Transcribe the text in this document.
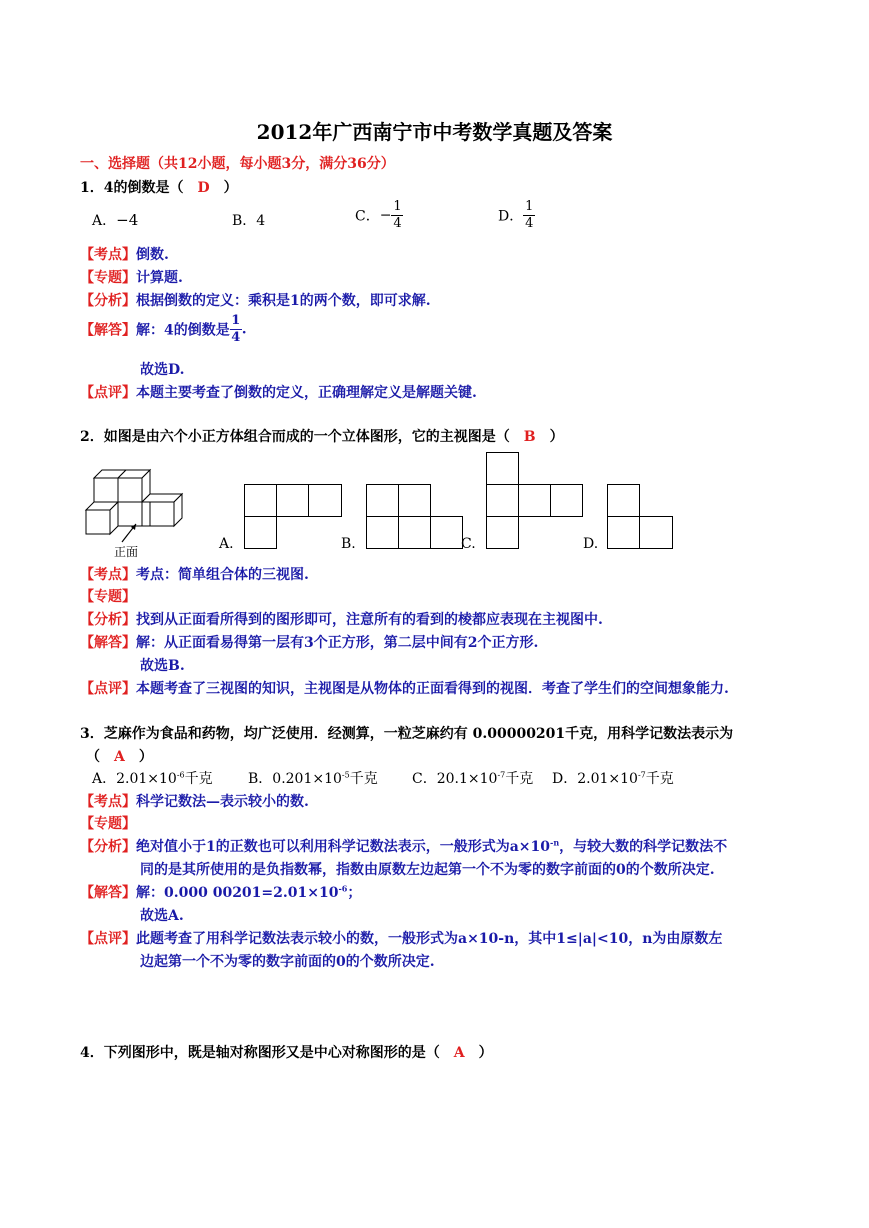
2012年广西南宁市中考数学真题及答案
一、选择题（共12小题，每小题3分，满分36分）
1．4的倒数是（ D ）
A．−4	B．4	C．− $\frac{1}{4}$	D． $\frac{1}{4}$
【考点】倒数.
【专题】计算题.
【分析】根据倒数的定义：乘积是1的两个数，即可求解.
【解答】解：4的倒数是 $\frac{1}{4}$ .
故选D.
【点评】本题主要考查了倒数的定义，正确理解定义是解题关键.
2．如图是由六个小正方体组合而成的一个立体图形，它的主视图是（ B ）
正面	A.	B.	C.	D.
【考点】考点：简单组合体的三视图.
【专题】
【分析】找到从正面看所得到的图形即可，注意所有的看到的棱都应表现在主视图中.
【解答】解：从正面看易得第一层有3个正方形，第二层中间有2个正方形.
故选B.
【点评】本题考查了三视图的知识，主视图是从物体的正面看得到的视图．考查了学生们的空间想象能力.
3．芝麻作为食品和药物，均广泛使用．经测算，一粒芝麻约有 0.00000201千克，用科学记数法表示为
（ A ）
A．$2.01\times 10^{-6}$千克	B．$0.201\times 10^{-5}$千克 C．$20.1\times 10^{-7}$千克 D．$2.01\times 10^{-7}$千克
【考点】科学记数法—表示较小的数.
【专题】
【分析】绝对值小于1的正数也可以利用科学记数法表示，一般形式为$a\times 10^{-n}$，与较大数的科学记数法不
同的是其所使用的是负指数幂，指数由原数左边起第一个不为零的数字前面的0的个数所决定.
【解答】解：0.000 $00201=2.01\times 10^{-6}$；
故选A.
【点评】此题考查了用科学记数法表示较小的数，一般形式为a×10-n，其中1≤|a|<10，n为由原数左
边起第一个不为零的数字前面的0的个数所决定.
4．下列图形中，既是轴对称图形又是中心对称图形的是（ A ）
